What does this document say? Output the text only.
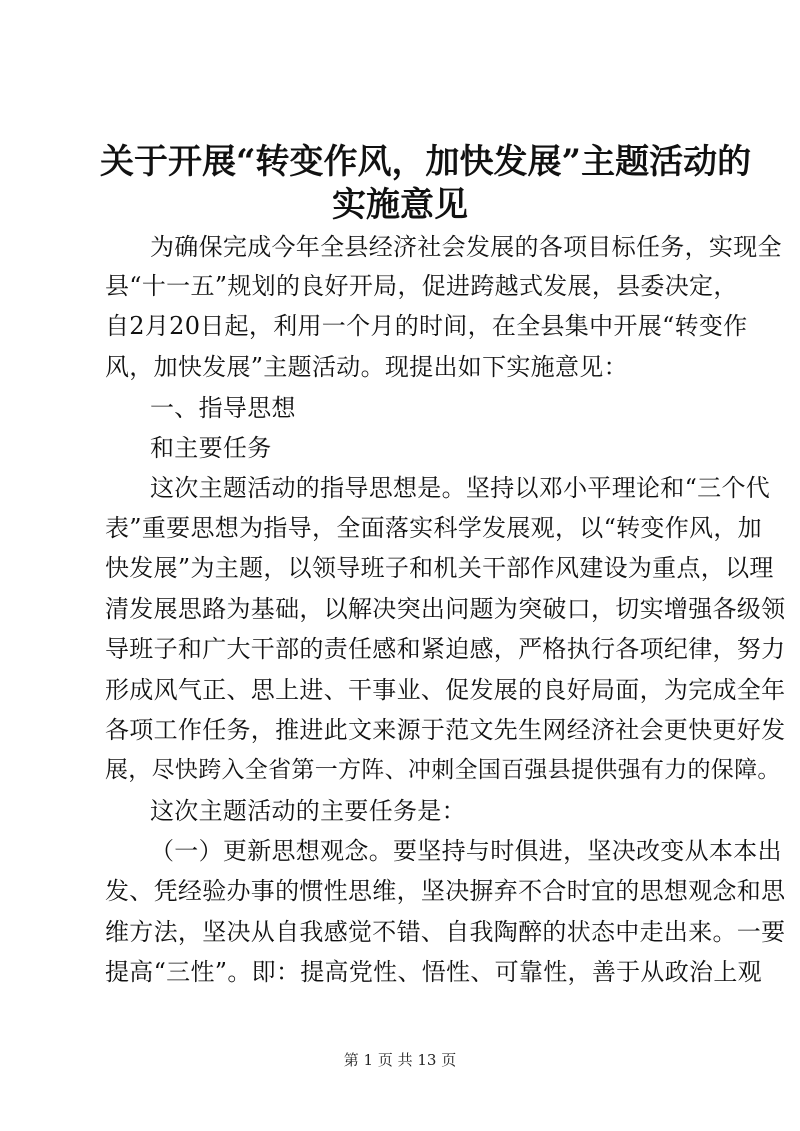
关于开展“转变作风，加快发展”主题活动的
实施意见
为确保完成今年全县经济社会发展的各项目标任务，实现全
县“十一五”规划的良好开局，促进跨越式发展，县委决定，
自2月20日起，利用一个月的时间，在全县集中开展“转变作
风，加快发展”主题活动。现提出如下实施意见：
一、指导思想
和主要任务
这次主题活动的指导思想是。坚持以邓小平理论和“三个代
表”重要思想为指导，全面落实科学发展观，以“转变作风，加
快发展”为主题，以领导班子和机关干部作风建设为重点，以理
清发展思路为基础，以解决突出问题为突破口，切实增强各级领
导班子和广大干部的责任感和紧迫感，严格执行各项纪律，努力
形成风气正、思上进、干事业、促发展的良好局面，为完成全年
各项工作任务，推进此文来源于范文先生网经济社会更快更好发
展，尽快跨入全省第一方阵、冲刺全国百强县提供强有力的保障。
这次主题活动的主要任务是：
（一）更新思想观念。要坚持与时俱进，坚决改变从本本出
发、凭经验办事的惯性思维，坚决摒弃不合时宜的思想观念和思
维方法，坚决从自我感觉不错、自我陶醉的状态中走出来。一要
提高“三性”。即：提高党性、悟性、可靠性，善于从政治上观
第 1 页 共 13 页
